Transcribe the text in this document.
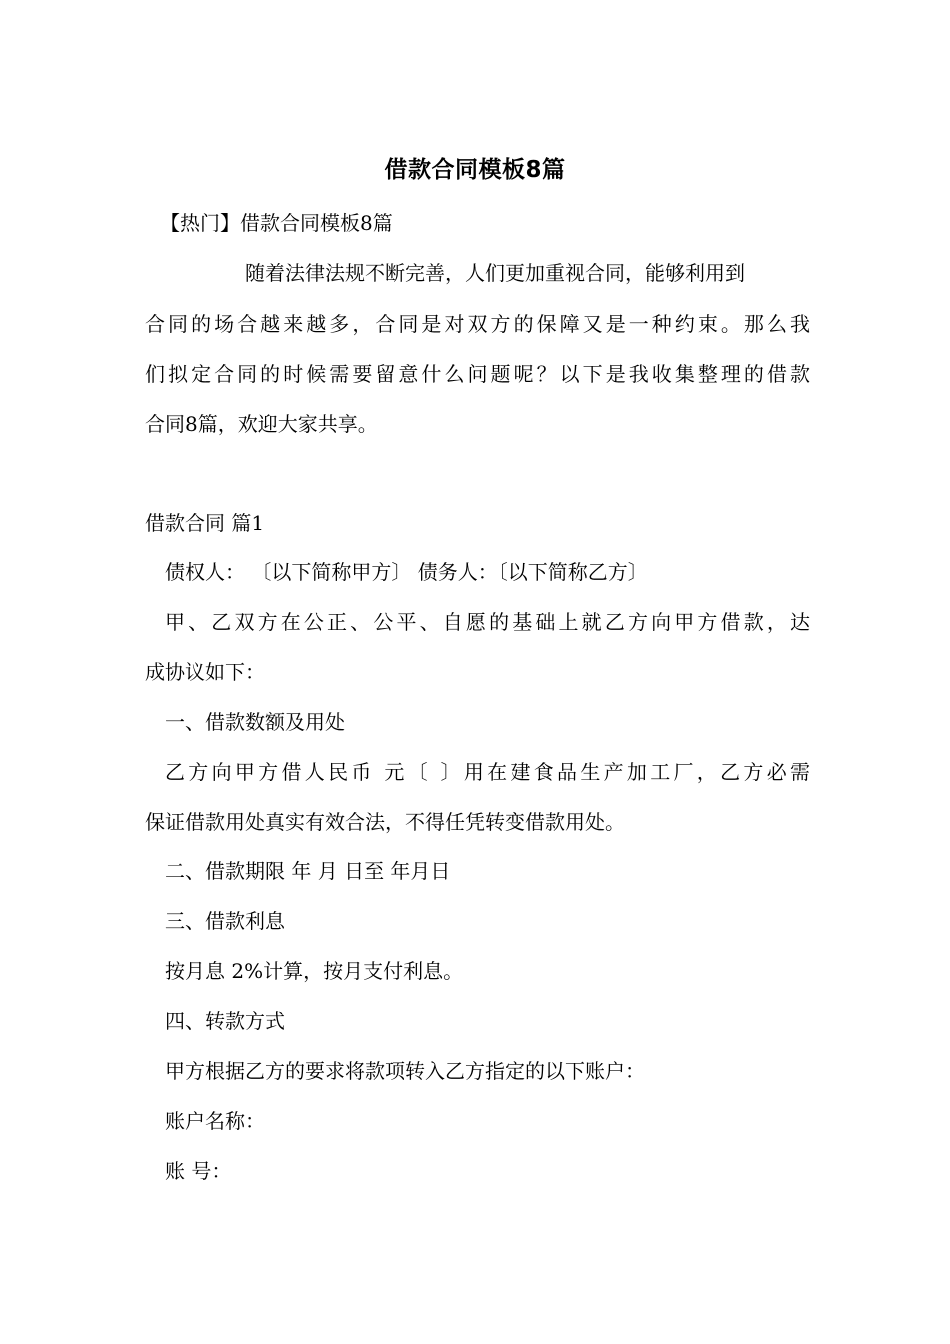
借款合同模板8篇
【热门】借款合同模板8篇
随着法律法规不断完善，人们更加重视合同，能够利用到
合同的场合越来越多，合同是对双方的保障又是一种约束。那么我
们拟定合同的时候需要留意什么问题呢？以下是我收集整理的借款
合同8篇，欢迎大家共享。
借款合同 篇1
债权人： 〔以下简称甲方〕 债务人：〔以下简称乙方〕
甲、乙双方在公正、公平、自愿的基础上就乙方向甲方借款，达
成协议如下：
一、借款数额及用处
乙方向甲方借人民币 元〔 〕用在建食品生产加工厂，乙方必需
保证借款用处真实有效合法，不得任凭转变借款用处。
二、借款期限 年 月 日至 年月日
三、借款利息
按月息 2%计算，按月支付利息。
四、转款方式
甲方根据乙方的要求将款项转入乙方指定的以下账户：
账户名称：
账 号：
